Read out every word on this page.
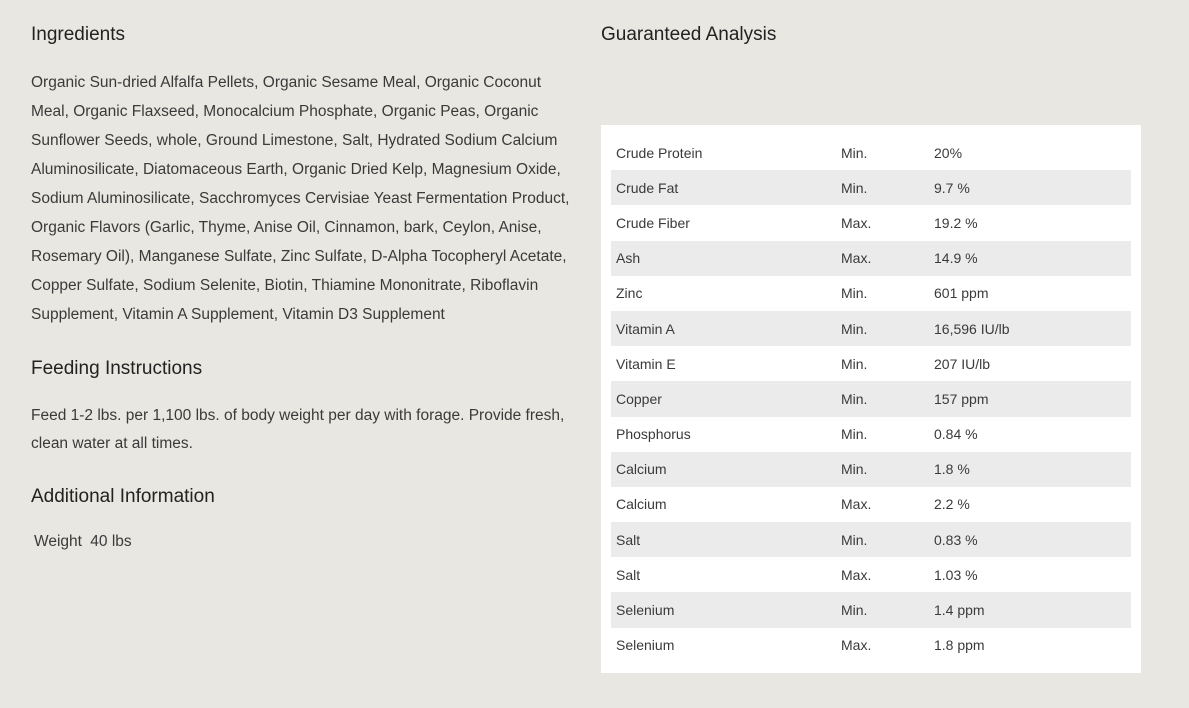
Ingredients

Organic Sun-dried Alfalfa Pellets, Organic Sesame Meal, Organic Coconut Meal, Organic Flaxseed, Monocalcium Phosphate, Organic Peas, Organic Sunflower Seeds, whole, Ground Limestone, Salt, Hydrated Sodium Calcium Aluminosilicate, Diatomaceous Earth, Organic Dried Kelp, Magnesium Oxide, Sodium Aluminosilicate, Sacchromyces Cervisiae Yeast Fermentation Product, Organic Flavors (Garlic, Thyme, Anise Oil, Cinnamon, bark, Ceylon, Anise, Rosemary Oil), Manganese Sulfate, Zinc Sulfate, D-Alpha Tocopheryl Acetate, Copper Sulfate, Sodium Selenite, Biotin, Thiamine Mononitrate, Riboflavin Supplement, Vitamin A Supplement, Vitamin D3 Supplement

Feeding Instructions

Feed 1-2 lbs. per 1,100 lbs. of body weight per day with forage. Provide fresh, clean water at all times.

Additional Information
Weight 40 lbs
Guaranteed Analysis
Crude Protein	Min.	20%
Crude Fat	Min.	9.7 %
Crude Fiber	Max.	19.2 %
Ash	Max.	14.9 %
Zinc	Min.	601 ppm
Vitamin A	Min.	16,596 IU/lb
Vitamin E	Min.	207 IU/lb
Copper	Min.	157 ppm
Phosphorus	Min.	0.84 %
Calcium	Min.	1.8 %
Calcium	Max.	2.2 %
Salt	Min.	0.83 %
Salt	Max.	1.03 %
Selenium	Min.	1.4 ppm
Selenium	Max.	1.8 ppm
